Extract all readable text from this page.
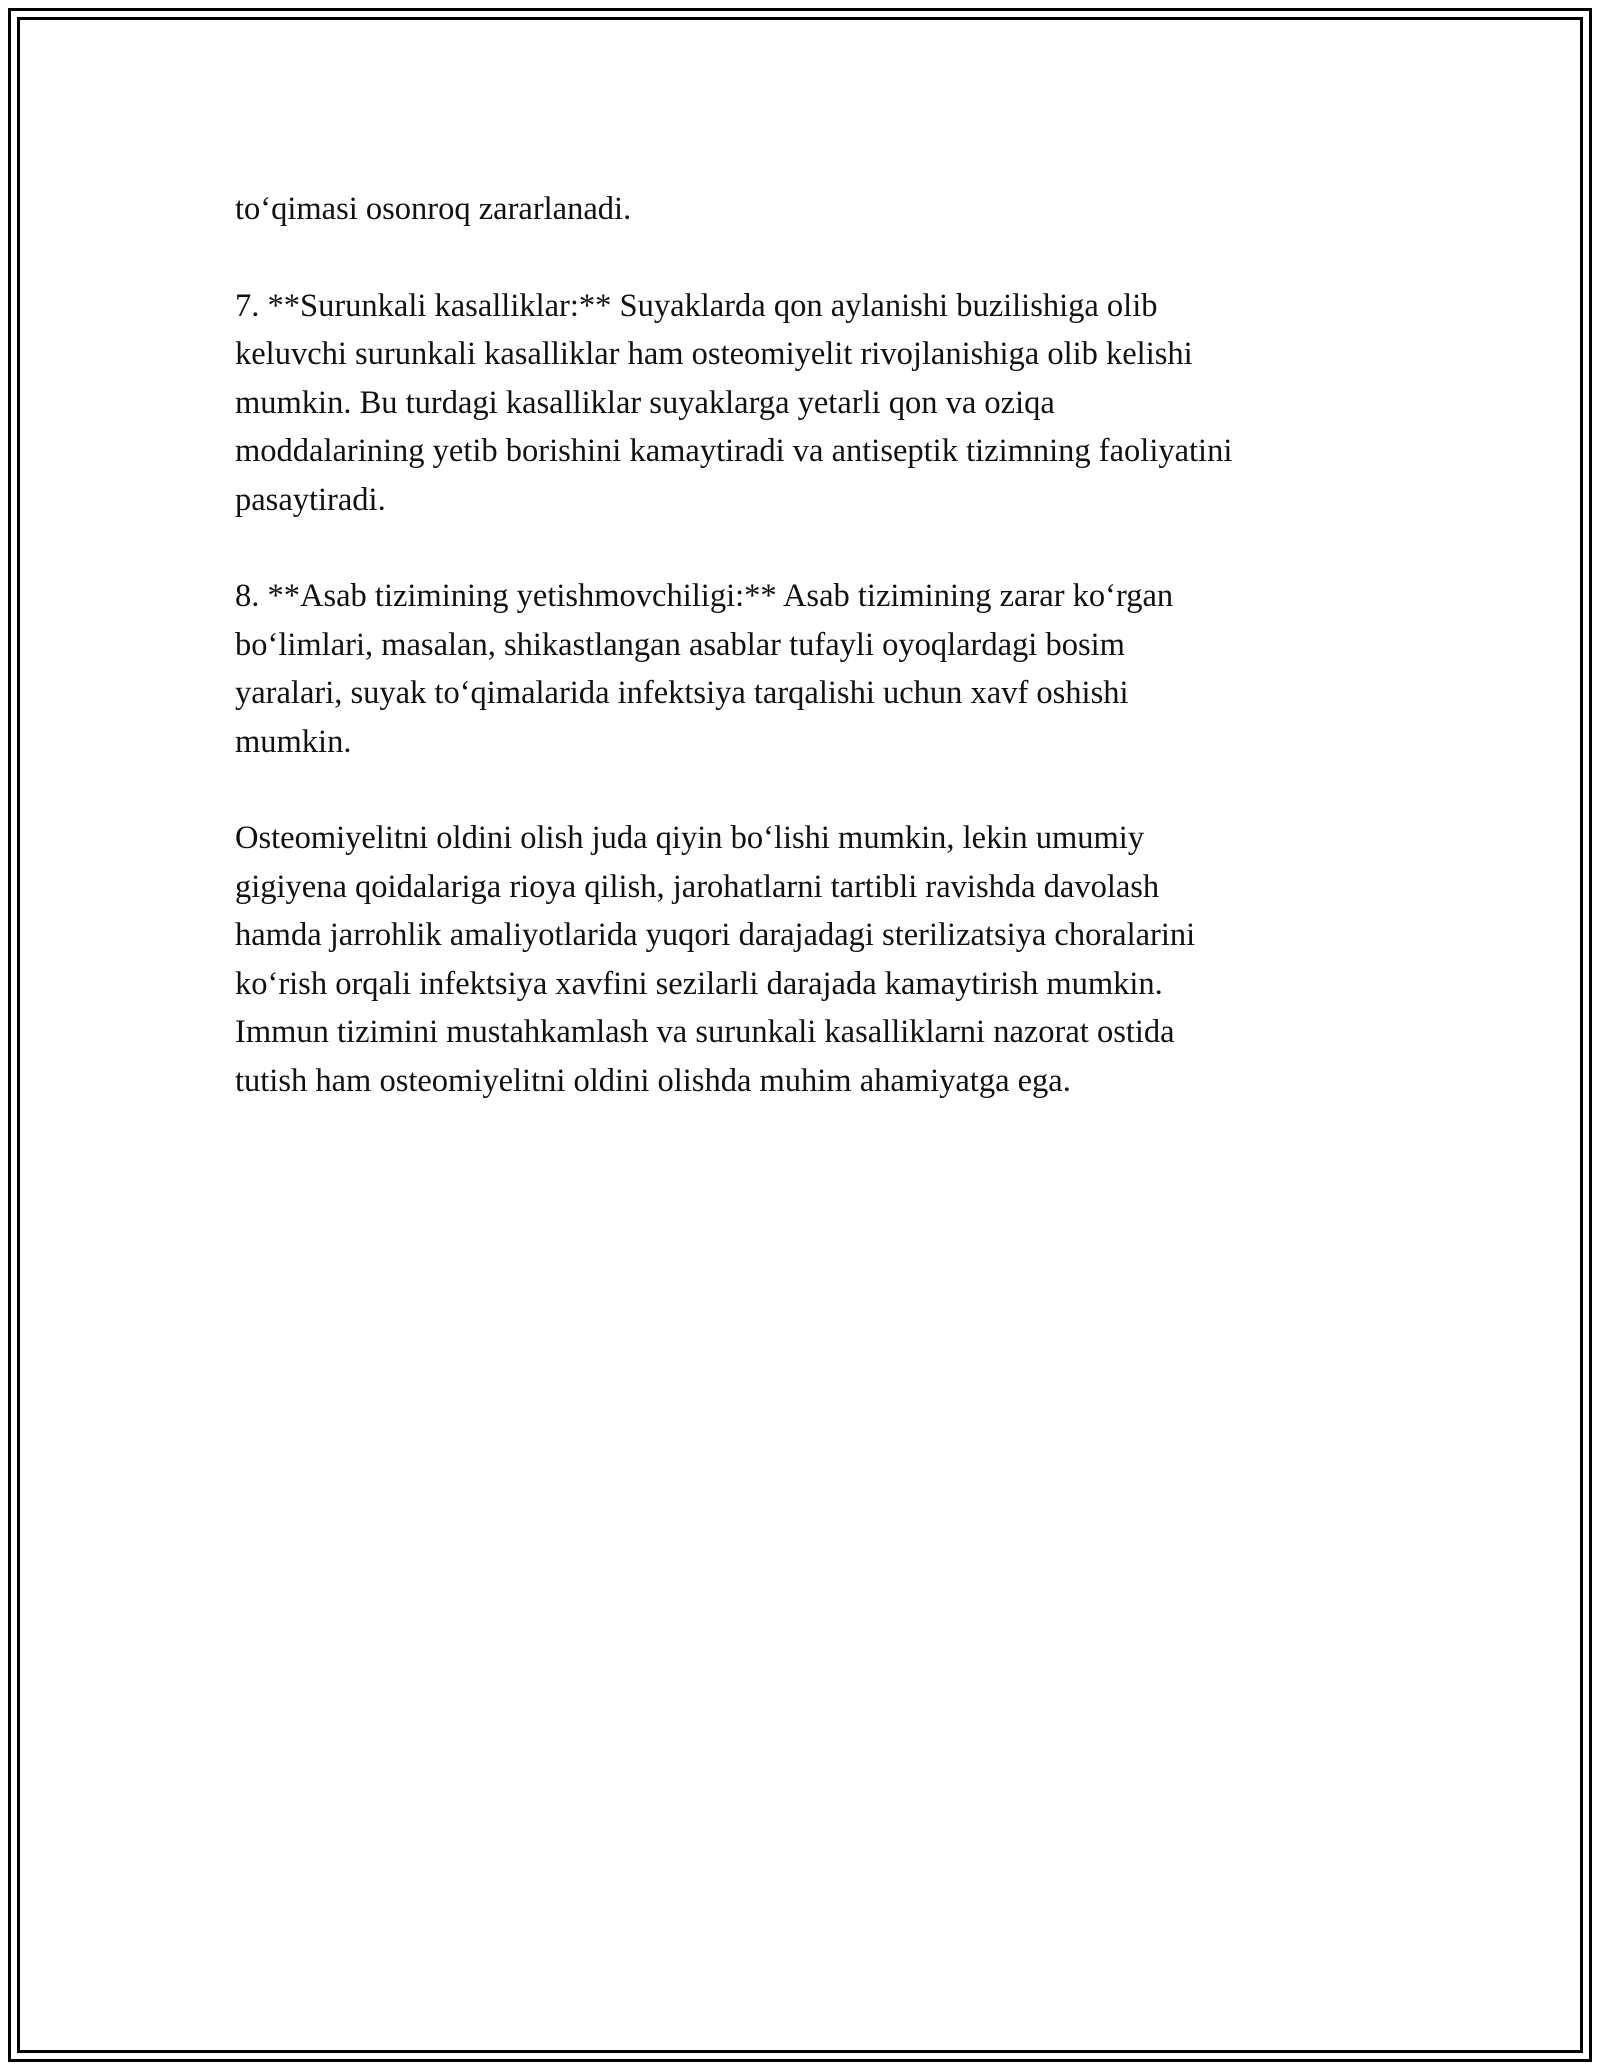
to‘qimasi osonroq zararlanadi.

7. **Surunkali kasalliklar:** Suyaklarda qon aylanishi buzilishiga olib
keluvchi surunkali kasalliklar ham osteomiyelit rivojlanishiga olib kelishi
mumkin. Bu turdagi kasalliklar suyaklarga yetarli qon va oziqa
moddalarining yetib borishini kamaytiradi va antiseptik tizimning faoliyatini
pasaytiradi.

8. **Asab tizimining yetishmovchiligi:** Asab tizimining zarar ko‘rgan
bo‘limlari, masalan, shikastlangan asablar tufayli oyoqlardagi bosim
yaralari, suyak to‘qimalarida infektsiya tarqalishi uchun xavf oshishi
mumkin.

Osteomiyelitni oldini olish juda qiyin bo‘lishi mumkin, lekin umumiy
gigiyena qoidalariga rioya qilish, jarohatlarni tartibli ravishda davolash
hamda jarrohlik amaliyotlarida yuqori darajadagi sterilizatsiya choralarini
ko‘rish orqali infektsiya xavfini sezilarli darajada kamaytirish mumkin.
Immun tizimini mustahkamlash va surunkali kasalliklarni nazorat ostida
tutish ham osteomiyelitni oldini olishda muhim ahamiyatga ega.
